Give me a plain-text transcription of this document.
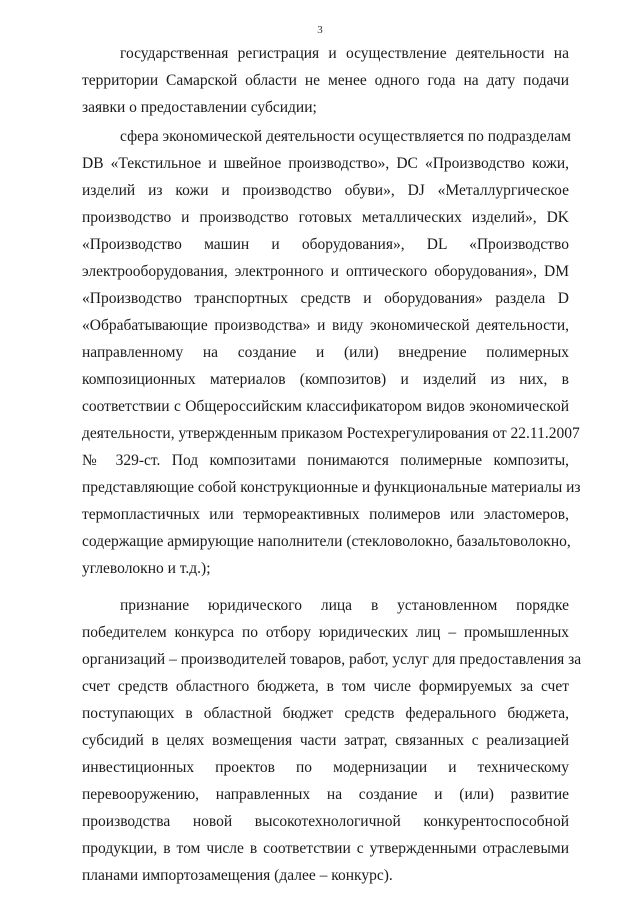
3

государственная регистрация и осуществление деятельности на
территории Самарской области не менее одного года на дату подачи
заявки о предоставлении субсидии;

сфера экономической деятельности осуществляется по подразделам
DB «Текстильное и швейное производство», DC «Производство кожи,
изделий из кожи и производство обуви», DJ «Металлургическое
производство и производство готовых металлических изделий», DK
«Производство машин и оборудования», DL «Производство
электрооборудования, электронного и оптического оборудования», DM
«Производство транспортных средств и оборудования» раздела D
«Обрабатывающие производства» и виду экономической деятельности,
направленному на создание и (или) внедрение полимерных
композиционных материалов (композитов) и изделий из них, в
соответствии с Общероссийским классификатором видов экономической
деятельности, утвержденным приказом Ростехрегулирования от 22.11.2007
№ 329-ст. Под композитами понимаются полимерные композиты,
представляющие собой конструкционные и функциональные материалы из
термопластичных или термореактивных полимеров или эластомеров,
содержащие армирующие наполнители (стекловолокно, базальтоволокно,
углеволокно и т.д.);

признание юридического лица в установленном порядке
победителем конкурса по отбору юридических лиц – промышленных
организаций – производителей товаров, работ, услуг для предоставления за
счет средств областного бюджета, в том числе формируемых за счет
поступающих в областной бюджет средств федерального бюджета,
субсидий в целях возмещения части затрат, связанных с реализацией
инвестиционных проектов по модернизации и техническому
перевооружению, направленных на создание и (или) развитие
производства новой высокотехнологичной конкурентоспособной
продукции, в том числе в соответствии с утвержденными отраслевыми
планами импортозамещения (далее – конкурс).
